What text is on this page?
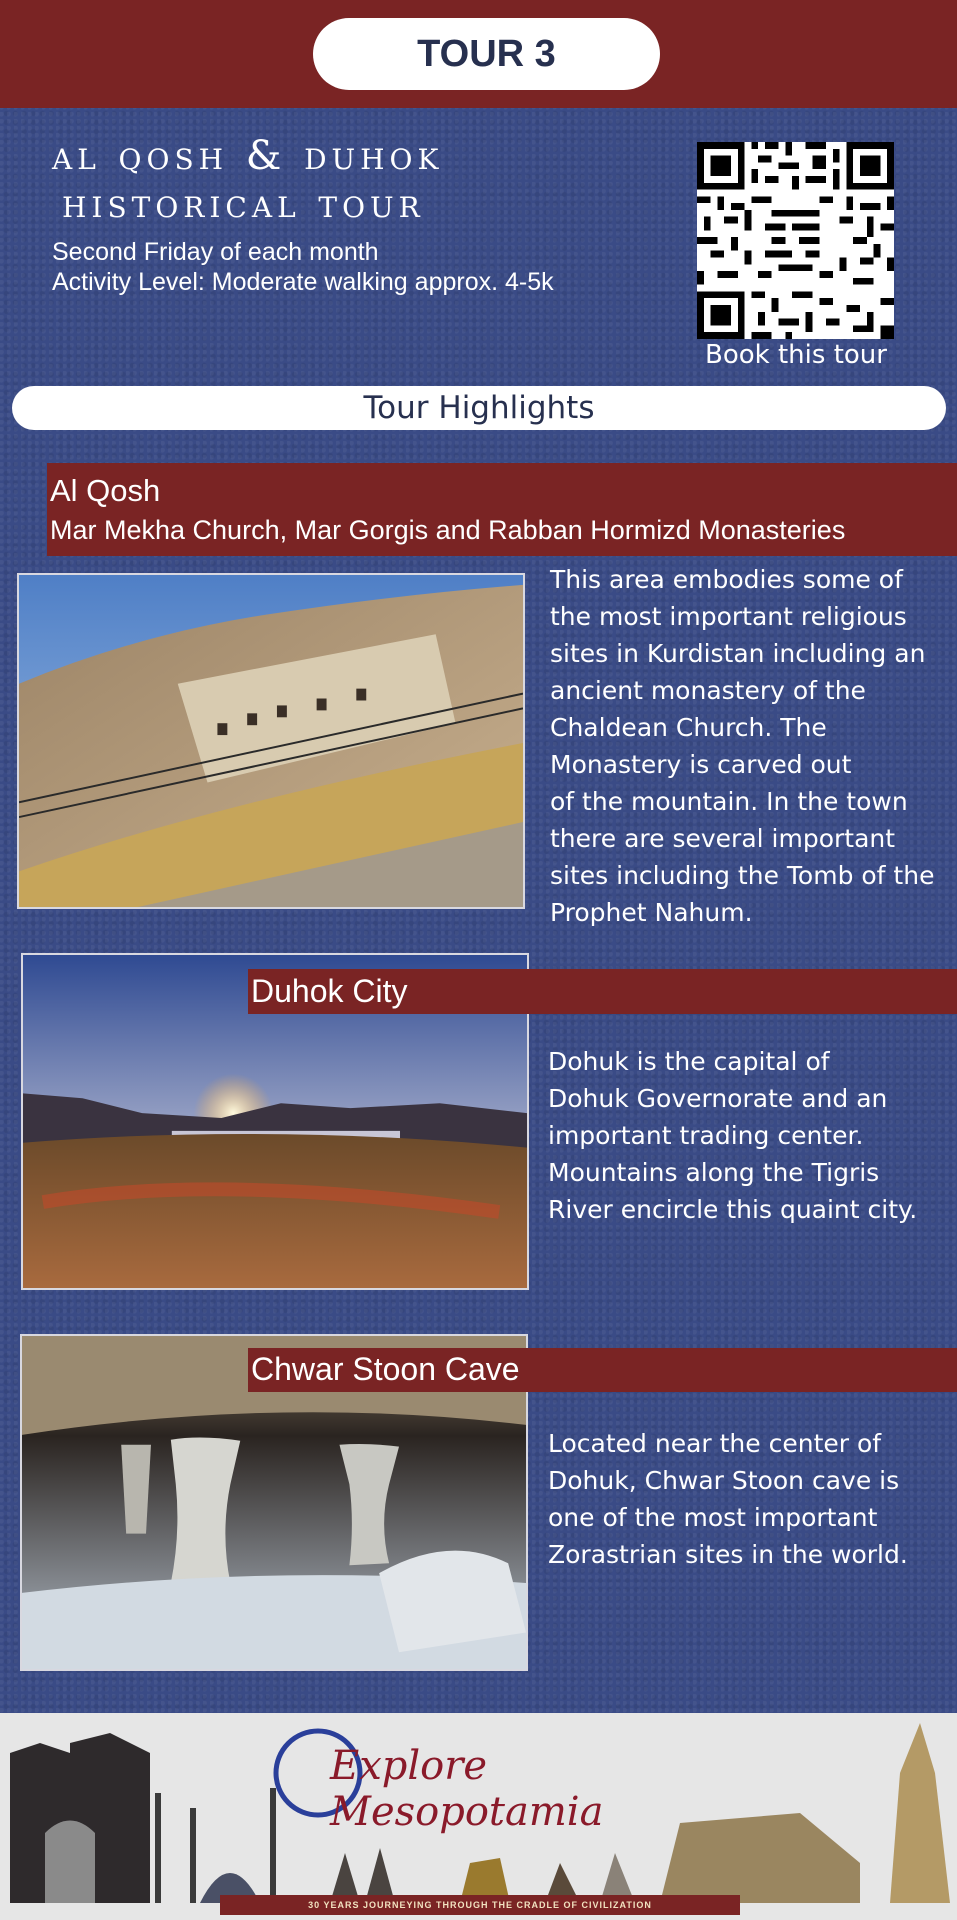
TOUR 3
al qosh & duhok
historical tour
Second Friday of each month
Activity Level: Moderate walking approx. 4-5k
Book this tour
Tour Highlights
Al Qosh
Mar Mekha Church, Mar Gorgis and Rabban Hormizd Monasteries
This area embodies some of
the most important religious
sites in Kurdistan including an
ancient monastery of the
Chaldean Church. The
Monastery is carved out
of the mountain. In the town
there are several important
sites including the Tomb of the
Prophet Nahum.
Duhok City
Dohuk is the capital of
Dohuk Governorate and an
important trading center.
Mountains along the Tigris
River encircle this quaint city.
Chwar Stoon Cave
Located near the center of
Dohuk, Chwar Stoon cave is
one of the most important
Zorastrian sites in the world.
Explore Mesopotamia
30 YEARS JOURNEYING THROUGH THE CRADLE OF CIVILIZATION
